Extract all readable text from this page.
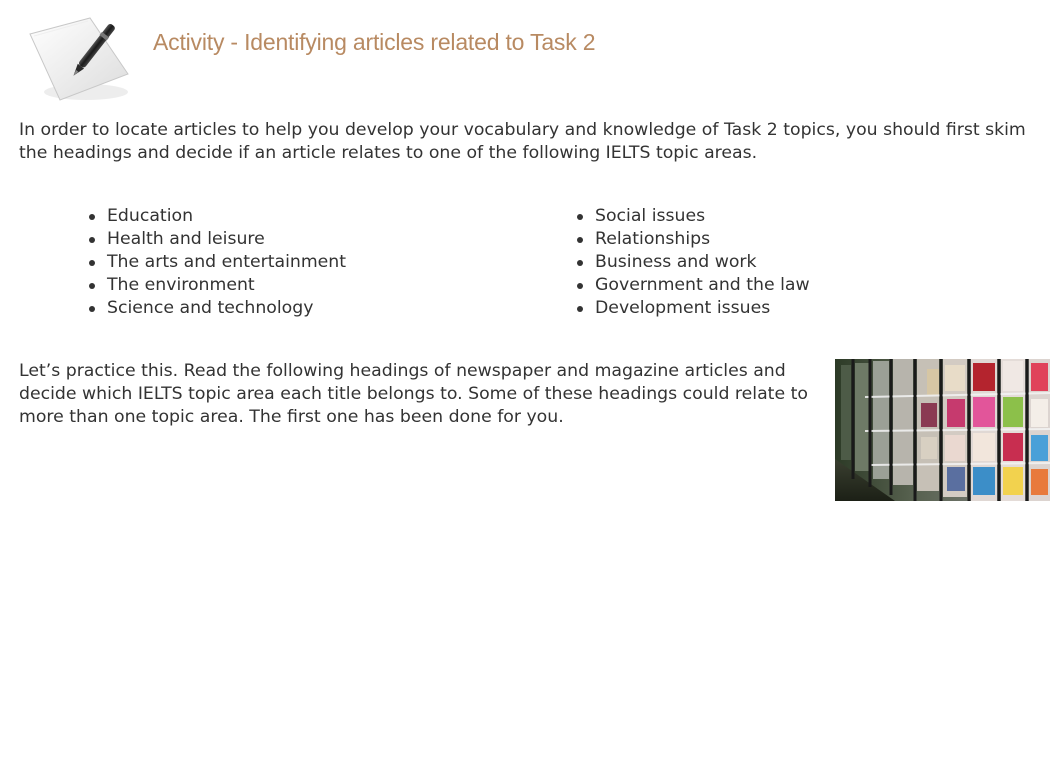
Activity - Identifying articles related to Task 2

In order to locate articles to help you develop your vocabulary and knowledge of Task 2 topics, you should first skim the headings and decide if an article relates to one of the following IELTS topic areas.

Education
Health and leisure
The arts and entertainment
The environment
Science and technology
Social issues
Relationships
Business and work
Government and the law
Development issues

Let’s practice this. Read the following headings of newspaper and magazine articles and decide which IELTS topic area each title belongs to. Some of these headings could relate to more than one topic area. The first one has been done for you.
